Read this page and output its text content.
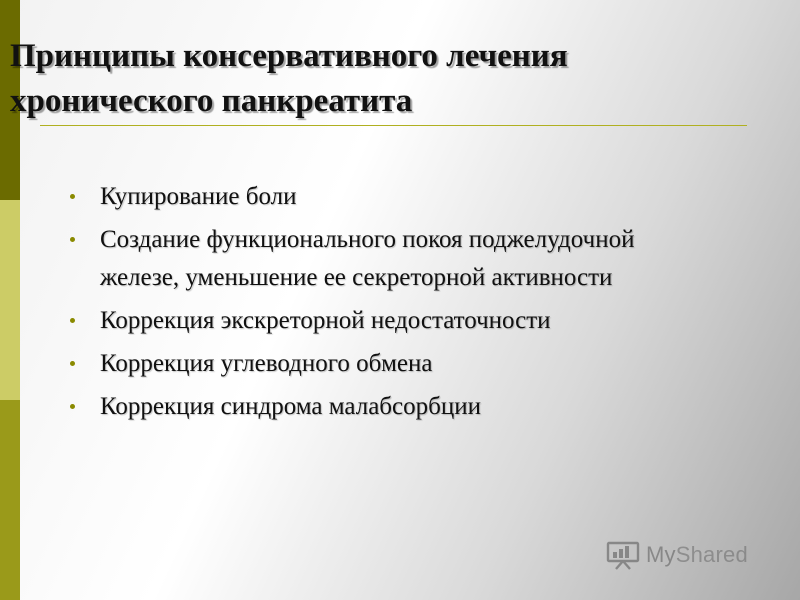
Принципы консервативного лечения
хронического панкреатита
Купирование боли
Создание функционального покоя поджелудочной железе, уменьшение ее секреторной активности
Коррекция экскреторной недостаточности
Коррекция углеводного обмена
Коррекция синдрома малабсорбции
MyShared
